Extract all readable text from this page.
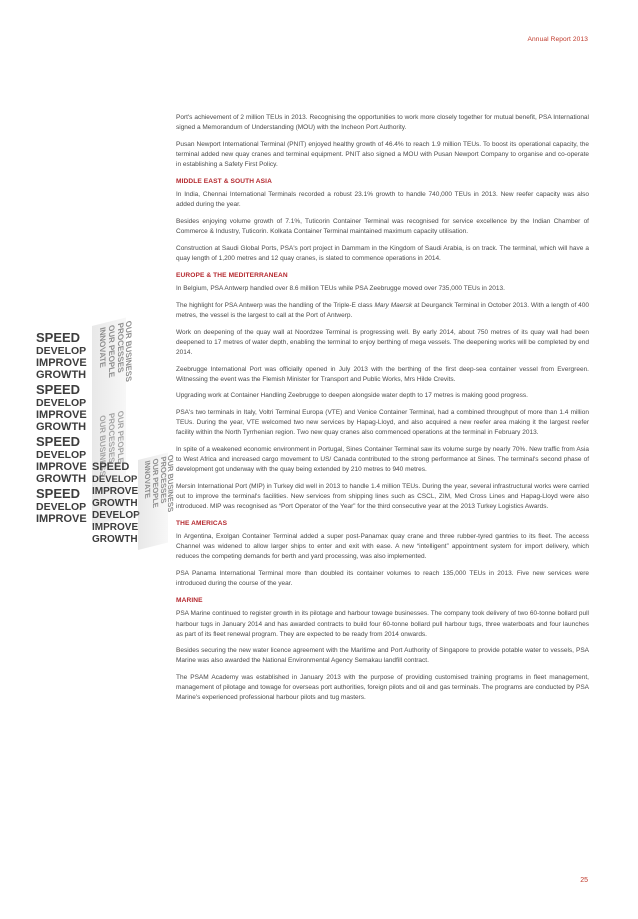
Annual Report 2013
SPEED
DEVELOP
IMPROVE
GROWTH
SPEED
DEVELOP
IMPROVE
GROWTH
SPEED
DEVELOP
IMPROVE
GROWTH
SPEED
DEVELOP
IMPROVE
INNOVATE OUR PEOPLE PROCESSES OUR BUSINESS
OUR BUSINESS PROCESSES OUR PEOPLE
SPEED
DEVELOP
IMPROVE
GROWTH
DEVELOP
IMPROVE
GROWTH
INNOVATE OUR PEOPLE PROCESSES
OUR BUSINESS

Port's achievement of 2 million TEUs in 2013. Recognising the opportunities to work more closely together for mutual benefit, PSA International signed a Memorandum of Understanding (MOU) with the Incheon Port Authority.

Pusan Newport International Terminal (PNIT) enjoyed healthy growth of 46.4% to reach 1.9 million TEUs. To boost its operational capacity, the terminal added new quay cranes and terminal equipment. PNIT also signed a MOU with Pusan Newport Company to organise and co-operate in establishing a Safety First Policy.

MIDDLE EAST & SOUTH ASIA

In India, Chennai International Terminals recorded a robust 23.1% growth to handle 740,000 TEUs in 2013. New reefer capacity was also added during the year.

Besides enjoying volume growth of 7.1%, Tuticorin Container Terminal was recognised for service excellence by the Indian Chamber of Commerce & Industry, Tuticorin. Kolkata Container Terminal maintained maximum capacity utilisation.

Construction at Saudi Global Ports, PSA's port project in Dammam in the Kingdom of Saudi Arabia, is on track. The terminal, which will have a quay length of 1,200 metres and 12 quay cranes, is slated to commence operations in 2014.

EUROPE & THE MEDITERRANEAN

In Belgium, PSA Antwerp handled over 8.6 million TEUs while PSA Zeebrugge moved over 735,000 TEUs in 2013.

The highlight for PSA Antwerp was the handling of the Triple-E class Mary Maersk at Deurganck Terminal in October 2013. With a length of 400 metres, the vessel is the largest to call at the Port of Antwerp.

Work on deepening of the quay wall at Noordzee Terminal is progressing well. By early 2014, about 750 metres of its quay wall had been deepened to 17 metres of water depth, enabling the terminal to enjoy berthing of mega vessels. The deepening works will be completed by end 2014.

Zeebrugge International Port was officially opened in July 2013 with the berthing of the first deep-sea container vessel from Evergreen. Witnessing the event was the Flemish Minister for Transport and Public Works, Mrs Hilde Crevits.

Upgrading work at Container Handling Zeebrugge to deepen alongside water depth to 17 metres is making good progress.

PSA's two terminals in Italy, Voltri Terminal Europa (VTE) and Venice Container Terminal, had a combined throughput of more than 1.4 million TEUs. During the year, VTE welcomed two new services by Hapag-Lloyd, and also acquired a new reefer area making it the largest reefer facility within the North Tyrrhenian region. Two new quay cranes also commenced operations at the terminal in February 2013.

In spite of a weakened economic environment in Portugal, Sines Container Terminal saw its volume surge by nearly 70%. New traffic from Asia to West Africa and increased cargo movement to US/ Canada contributed to the strong performance at Sines. The terminal's second phase of development got underway with the quay being extended by 210 metres to 940 metres.

Mersin International Port (MIP) in Turkey did well in 2013 to handle 1.4 million TEUs. During the year, several infrastructural works were carried out to improve the terminal's facilities. New services from shipping lines such as CSCL, ZIM, Med Cross Lines and Hapag-Lloyd were also introduced. MIP was recognised as “Port Operator of the Year” for the third consecutive year at the 2013 Turkey Logistics Awards.

THE AMERICAS

In Argentina, Exolgan Container Terminal added a super post-Panamax quay crane and three rubber-tyred gantries to its fleet. The access Channel was widened to allow larger ships to enter and exit with ease. A new “intelligent” appointment system for import delivery, which reduces the competing demands for berth and yard processing, was also implemented.

PSA Panama International Terminal more than doubled its container volumes to reach 135,000 TEUs in 2013. Five new services were introduced during the course of the year.

MARINE

PSA Marine continued to register growth in its pilotage and harbour towage businesses. The company took delivery of two 60-tonne bollard pull harbour tugs in January 2014 and has awarded contracts to build four 60-tonne bollard pull harbour tugs, three waterboats and four launches as part of its fleet renewal program. They are expected to be ready from 2014 onwards.

Besides securing the new water licence agreement with the Maritime and Port Authority of Singapore to provide potable water to vessels, PSA Marine was also awarded the National Environmental Agency Semakau landfill contract.

The PSAM Academy was established in January 2013 with the purpose of providing customised training programs in fleet management, management of pilotage and towage for overseas port authorities, foreign pilots and oil and gas terminals. The programs are conducted by PSA Marine's experienced professional harbour pilots and tug masters.

25
